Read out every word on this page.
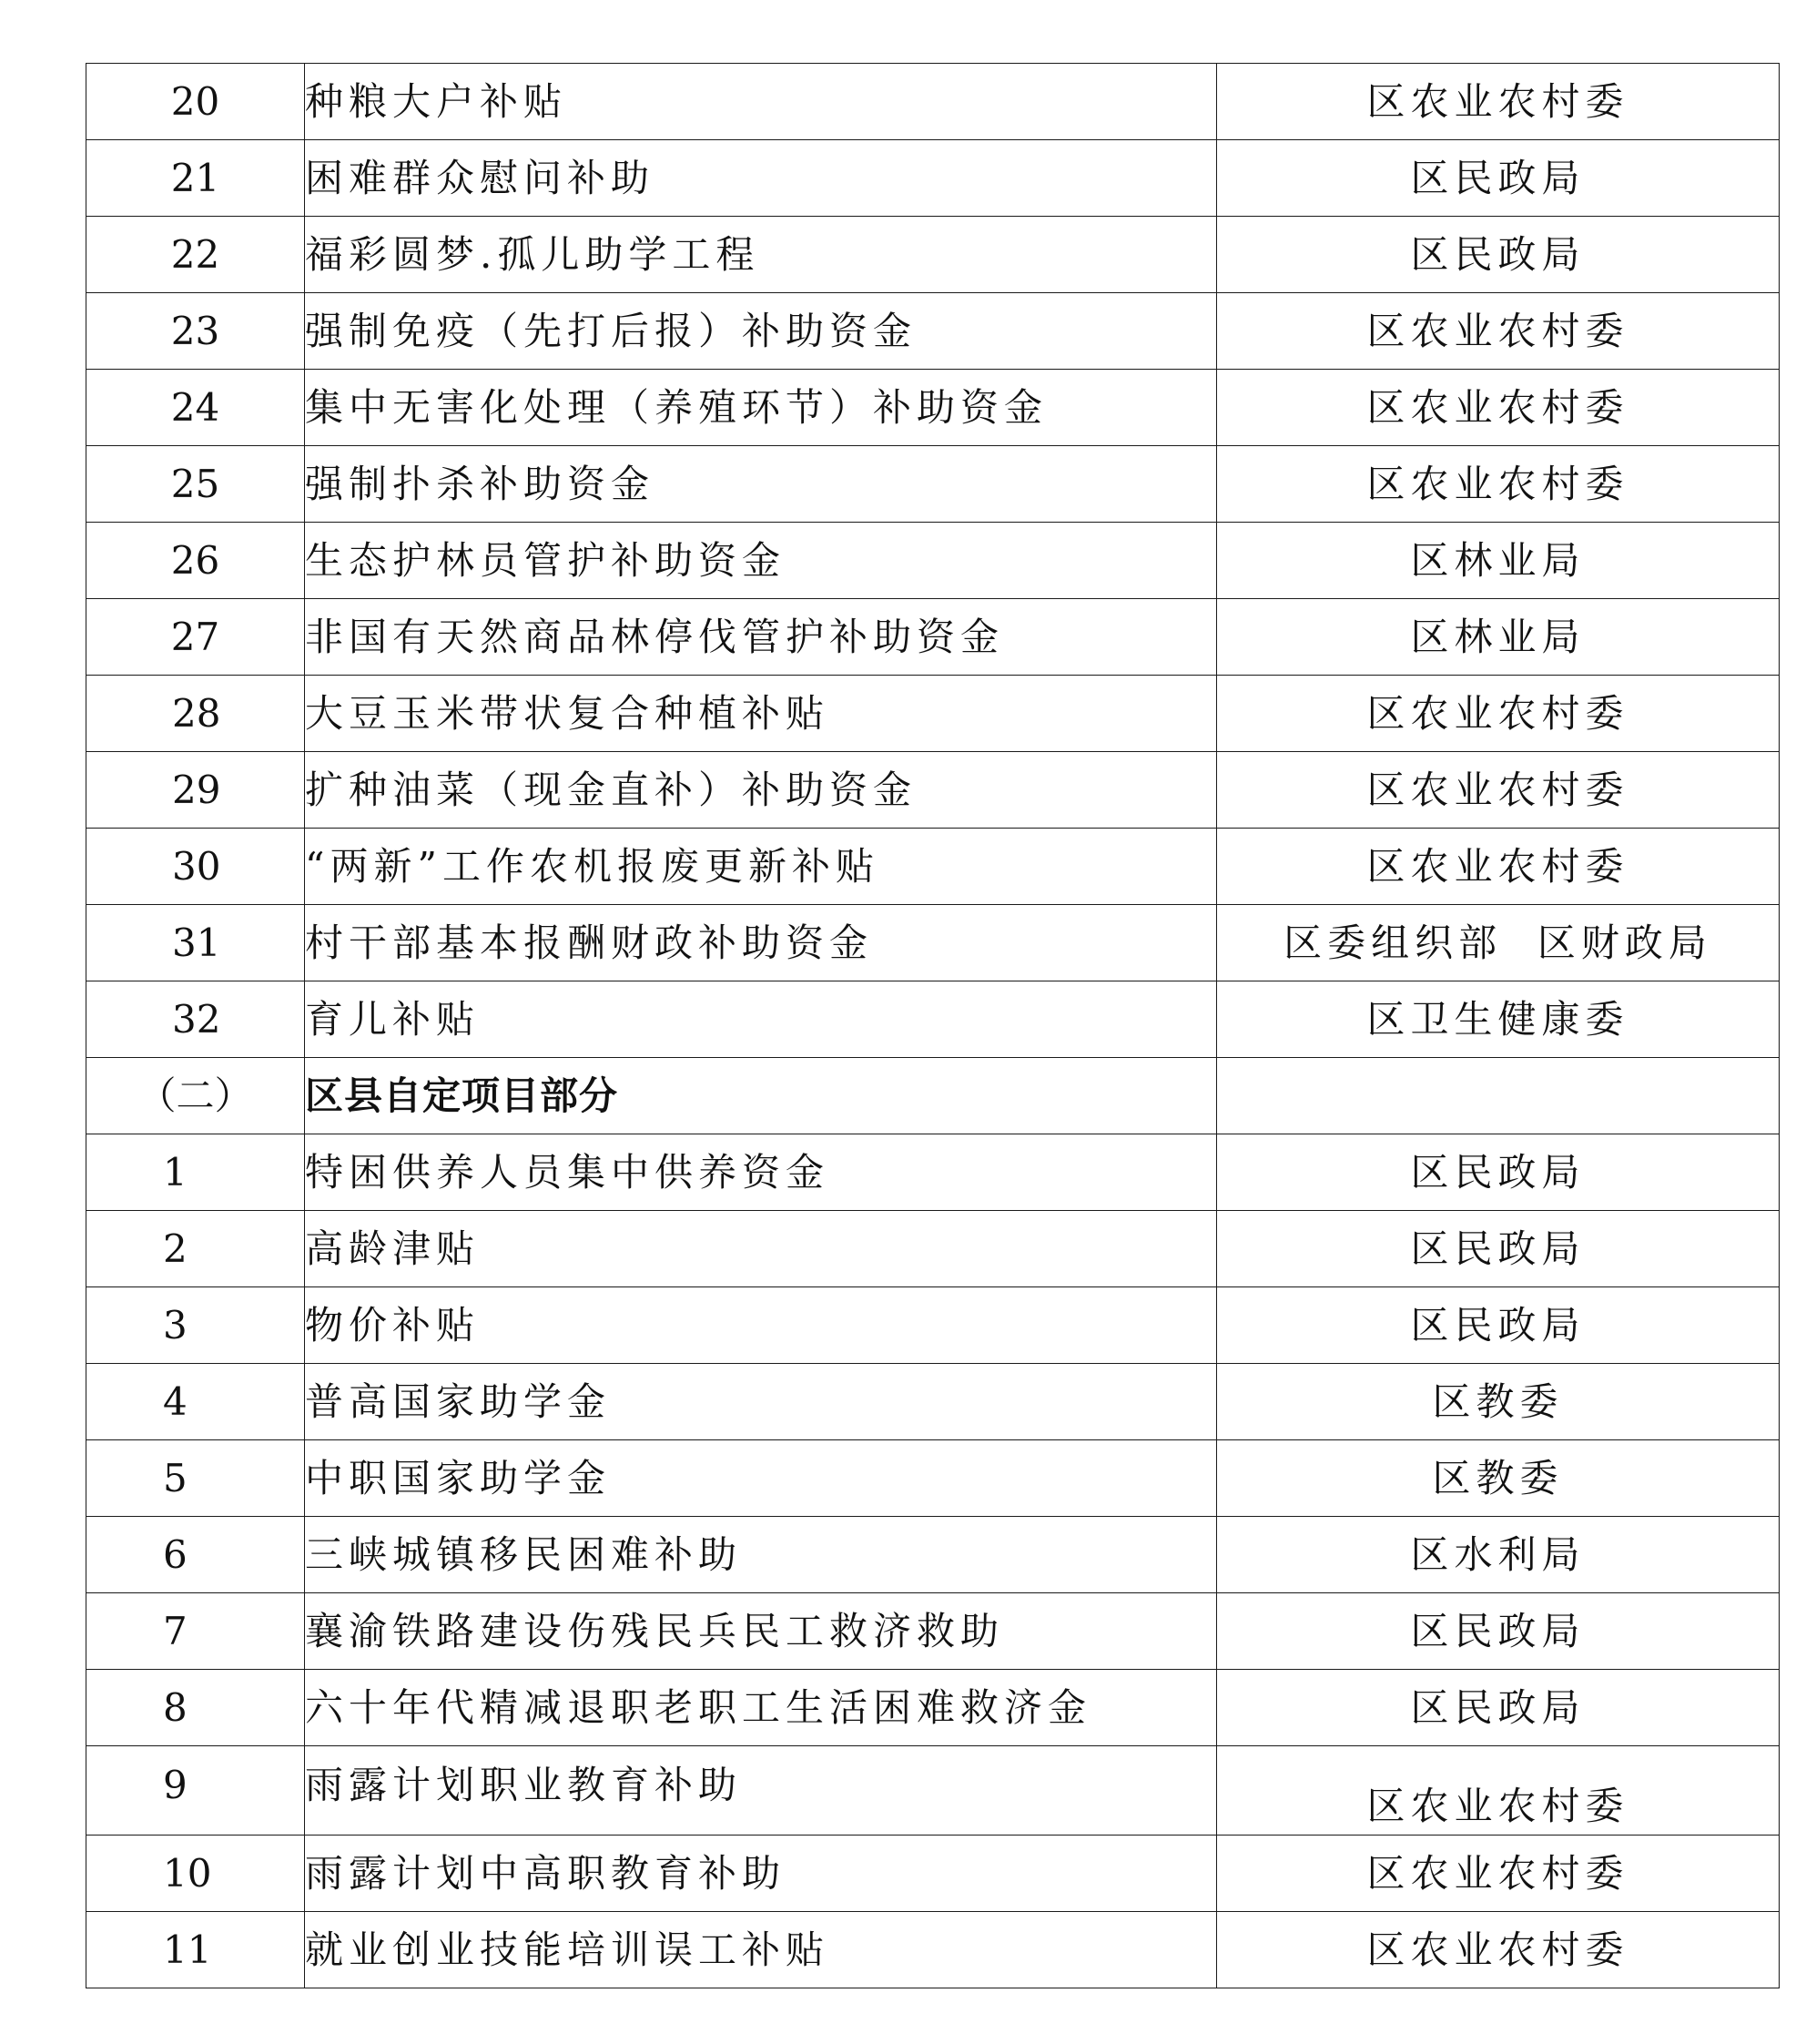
20	种粮大户补贴	区农业农村委
21	困难群众慰问补助	区民政局
22	福彩圆梦.孤儿助学工程	区民政局
23	强制免疫（先打后报）补助资金	区农业农村委
24	集中无害化处理（养殖环节）补助资金	区农业农村委
25	强制扑杀补助资金	区农业农村委
26	生态护林员管护补助资金	区林业局
27	非国有天然商品林停伐管护补助资金	区林业局
28	大豆玉米带状复合种植补贴	区农业农村委
29	扩种油菜（现金直补）补助资金	区农业农村委
30	“两新”工作农机报废更新补贴	区农业农村委
31	村干部基本报酬财政补助资金	区委组织部  区财政局
32	育儿补贴	区卫生健康委
（二）	区县自定项目部分	
1	特困供养人员集中供养资金	区民政局
2	高龄津贴	区民政局
3	物价补贴	区民政局
4	普高国家助学金	区教委
5	中职国家助学金	区教委
6	三峡城镇移民困难补助	区水利局
7	襄渝铁路建设伤残民兵民工救济救助	区民政局
8	六十年代精减退职老职工生活困难救济金	区民政局
9	雨露计划职业教育补助	区农业农村委
10	雨露计划中高职教育补助	区农业农村委
11	就业创业技能培训误工补贴	区农业农村委
